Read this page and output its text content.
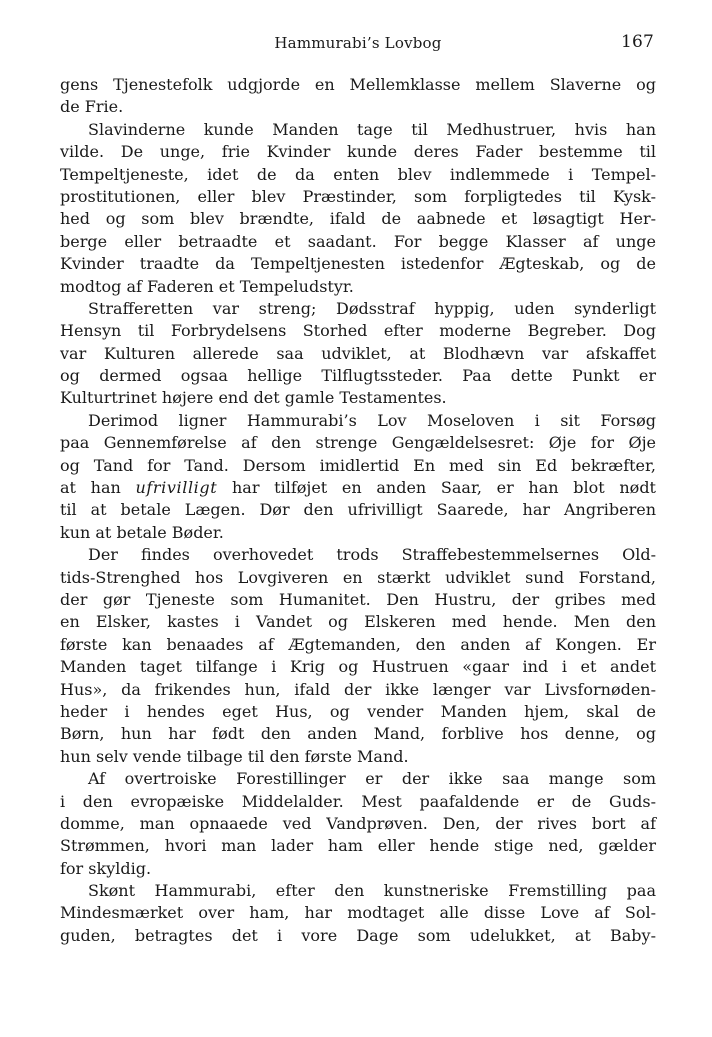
Hammurabi’s Lovbog	167
gens Tjenestefolk udgjorde en Mellemklasse mellem Slaverne og
de Frie.
Slavinderne kunde Manden tage til Medhustruer, hvis han
vilde. De unge, frie Kvinder kunde deres Fader bestemme til
Tempeltjeneste, idet de da enten blev indlemmede i Tempel-
prostitutionen, eller blev Præstinder, som forpligtedes til Kysk-
hed og som blev brændte, ifald de aabnede et løsagtigt Her-
berge eller betraadte et saadant. For begge Klasser af unge
Kvinder traadte da Tempeltjenesten istedenfor Ægteskab, og de
modtog af Faderen et Tempeludstyr.
Strafferetten var streng; Dødsstraf hyppig, uden synderligt
Hensyn til Forbrydelsens Storhed efter moderne Begreber. Dog
var Kulturen allerede saa udviklet, at Blodhævn var afskaffet
og dermed ogsaa hellige Tilflugtssteder. Paa dette Punkt er
Kulturtrinet højere end det gamle Testamentes.
Derimod ligner Hammurabi’s Lov Moseloven i sit Forsøg
paa Gennemførelse af den strenge Gengældelsesret: Øje for Øje
og Tand for Tand. Dersom imidlertid En med sin Ed bekræfter,
at han ufrivilligt har tilføjet en anden Saar, er han blot nødt
til at betale Lægen. Dør den ufrivilligt Saarede, har Angriberen
kun at betale Bøder.
Der findes overhovedet trods Straffebestemmelsernes Old-
tids-Strenghed hos Lovgiveren en stærkt udviklet sund Forstand,
der gør Tjeneste som Humanitet. Den Hustru, der gribes med
en Elsker, kastes i Vandet og Elskeren med hende. Men den
første kan benaades af Ægtemanden, den anden af Kongen. Er
Manden taget tilfange i Krig og Hustruen «gaar ind i et andet
Hus», da frikendes hun, ifald der ikke længer var Livsfornøden-
heder i hendes eget Hus, og vender Manden hjem, skal de
Børn, hun har født den anden Mand, forblive hos denne, og
hun selv vende tilbage til den første Mand.
Af overtroiske Forestillinger er der ikke saa mange som
i den evropæiske Middelalder. Mest paafaldende er de Guds-
domme, man opnaaede ved Vandprøven. Den, der rives bort af
Strømmen, hvori man lader ham eller hende stige ned, gælder
for skyldig.
Skønt Hammurabi, efter den kunstneriske Fremstilling paa
Mindesmærket over ham, har modtaget alle disse Love af Sol-
guden, betragtes det i vore Dage som udelukket, at Baby-
